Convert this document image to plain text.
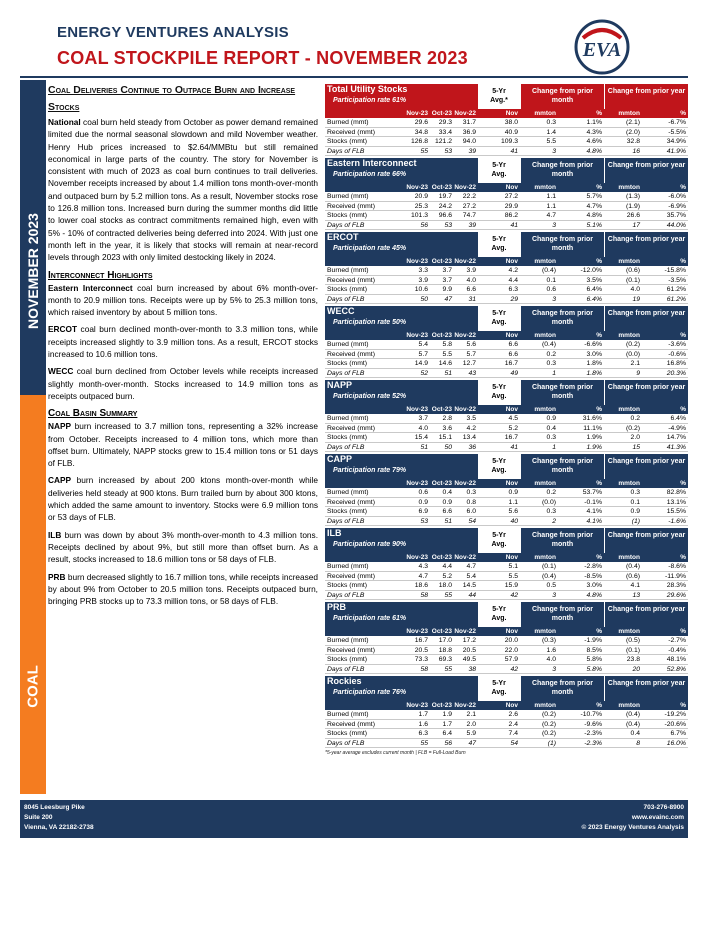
ENERGY VENTURES ANALYSIS
COAL STOCKPILE REPORT - NOVEMBER 2023	EVA
NOVEMBER 2023
COAL
Coal Deliveries Continue to Outpace Burn and Increase Stocks

National coal burn held steady from October as power demand remained limited due the normal seasonal slowdown and mild November weather. Henry Hub prices increased to $2.64/MMBtu but still remained economical in large parts of the country. The story for November is consistent with much of 2023 as coal burn continues to trail deliveries. November receipts increased by about 1.4 million tons month-over-month and outpaced burn by 5.2 million tons. As a result, November stocks rose to 126.8 million tons. Increased burn during the summer months did little to lower coal stocks as contract commitments remained high, even with 5% - 10% of contracted deliveries being deferred into 2024. With just one month left in the year, it is likely that stocks will remain at near-record levels through 2023 with only limited destocking likely in 2024.

Interconnect Highlights

Eastern Interconnect coal burn increased by about 6% month-over-month to 20.9 million tons. Receipts were up by 5% to 25.3 million tons, which raised inventory by about 5 million tons.

ERCOT coal burn declined month-over-month to 3.3 million tons, while receipts increased slightly to 3.9 million tons. As a result, ERCOT stocks increased to 10.6 million tons.

WECC coal burn declined from October levels while receipts increased slightly month-over-month. Stocks increased to 14.9 million tons as receipts outpaced burn.

Coal Basin Summary

NAPP burn increased to 3.7 million tons, representing a 32% increase from October. Receipts increased to 4 million tons, which more than offset burn. Ultimately, NAPP stocks grew to 15.4 million tons or 51 days of FLB.

CAPP burn increased by about 200 ktons month-over-month while deliveries held steady at 900 ktons. Burn trailed burn by about 300 ktons, which added the same amount to inventory. Stocks were 6.9 million tons or 53 days of FLB.

ILB burn was down by about 3% month-over-month to 4.3 million tons. Receipts declined by about 9%, but still more than offset burn. As a result, stocks increased to 18.6 million tons or 58 days of FLB.

PRB burn decreased slightly to 16.7 million tons, while receipts increased by about 9% from October to 20.5 million tons. Receipts outpaced burn, bringing PRB stocks up to 73.3 million tons, or 58 days of FLB.

Total Utility Stocks
Participation rate 61%
5-Yr
Avg.*
Change from prior month
Change from prior year
Nov-23 Oct-23 Nov-22	Nov	mmton	%	mmton	%
Burned (mmt)	29.6	29.3	31.7	38.0	0.3	1.1%	(2.1)	-6.7%
Received (mmt)	34.8	33.4	36.9	40.9	1.4	4.3%	(2.0)	-5.5%
Stocks (mmt)	126.8	121.2	94.0	109.3	5.5	4.6%	32.8	34.9%
Days of FLB	55	53	39	41	3	4.8%	16	41.9%
Eastern Interconnect
Participation rate 66%
5-Yr
Avg.
Change from prior month
Change from prior year
Nov-23 Oct-23 Nov-22	Nov	mmton	%	mmton	%
Burned (mmt)	20.9	19.7	22.2	27.2	1.1	5.7%	(1.3)	-6.0%
Received (mmt)	25.3	24.2	27.2	29.9	1.1	4.7%	(1.9)	-6.9%
Stocks (mmt)	101.3	96.6	74.7	86.2	4.7	4.8%	26.6	35.7%
Days of FLB	56	53	39	41	3	5.1%	17	44.0%
ERCOT
Participation rate 45%
5-Yr
Avg.
Change from prior month
Change from prior year
Nov-23 Oct-23 Nov-22	Nov	mmton	%	mmton	%
Burned (mmt)	3.3	3.7	3.9	4.2	(0.4)	-12.0%	(0.6)	-15.8%
Received (mmt)	3.9	3.7	4.0	4.4	0.1	3.5%	(0.1)	-3.5%
Stocks (mmt)	10.6	9.9	6.6	6.3	0.6	6.4%	4.0	61.2%
Days of FLB	50	47	31	29	3	6.4%	19	61.2%
WECC
Participation rate 50%
5-Yr
Avg.
Change from prior month
Change from prior year
Nov-23 Oct-23 Nov-22	Nov	mmton	%	mmton	%
Burned (mmt)	5.4	5.8	5.6	6.6	(0.4)	-6.6%	(0.2)	-3.6%
Received (mmt)	5.7	5.5	5.7	6.6	0.2	3.0%	(0.0)	-0.6%
Stocks (mmt)	14.9	14.6	12.7	16.7	0.3	1.8%	2.1	16.8%
Days of FLB	52	51	43	49	1	1.8%	9	20.3%
NAPP
Participation rate 52%
5-Yr
Avg.
Change from prior month
Change from prior year
Nov-23 Oct-23 Nov-22	Nov	mmton	%	mmton	%
Burned (mmt)	3.7	2.8	3.5	4.5	0.9	31.6%	0.2	6.4%
Received (mmt)	4.0	3.6	4.2	5.2	0.4	11.1%	(0.2)	-4.9%
Stocks (mmt)	15.4	15.1	13.4	16.7	0.3	1.9%	2.0	14.7%
Days of FLB	51	50	36	41	1	1.9%	15	41.3%
CAPP
Participation rate 79%
5-Yr
Avg.
Change from prior month
Change from prior year
Nov-23 Oct-23 Nov-22	Nov	mmton	%	mmton	%
Burned (mmt)	0.6	0.4	0.3	0.9	0.2	53.7%	0.3	82.8%
Received (mmt)	0.9	0.9	0.8	1.1	(0.0)	-0.1%	0.1	13.1%
Stocks (mmt)	6.9	6.6	6.0	5.6	0.3	4.1%	0.9	15.5%
Days of FLB	53	51	54	40	2	4.1%	(1)	-1.6%
ILB
Participation rate 90%
5-Yr
Avg.
Change from prior month
Change from prior year
Nov-23 Oct-23 Nov-22	Nov	mmton	%	mmton	%
Burned (mmt)	4.3	4.4	4.7	5.1	(0.1)	-2.8%	(0.4)	-8.6%
Received (mmt)	4.7	5.2	5.4	5.5	(0.4)	-8.5%	(0.6)	-11.9%
Stocks (mmt)	18.6	18.0	14.5	15.9	0.5	3.0%	4.1	28.3%
Days of FLB	58	55	44	42	3	4.8%	13	29.6%
PRB
Participation rate 61%
5-Yr
Avg.
Change from prior month
Change from prior year
Nov-23 Oct-23 Nov-22	Nov	mmton	%	mmton	%
Burned (mmt)	16.7	17.0	17.2	20.0	(0.3)	-1.9%	(0.5)	-2.7%
Received (mmt)	20.5	18.8	20.5	22.0	1.6	8.5%	(0.1)	-0.4%
Stocks (mmt)	73.3	69.3	49.5	57.9	4.0	5.8%	23.8	48.1%
Days of FLB	58	55	38	42	3	5.8%	20	52.8%
Rockies
Participation rate 76%
5-Yr
Avg.
Change from prior month
Change from prior year
Nov-23 Oct-23 Nov-22	Nov	mmton	%	mmton	%
Burned (mmt)	1.7	1.9	2.1	2.6	(0.2)	-10.7%	(0.4)	-19.2%
Received (mmt)	1.6	1.7	2.0	2.4	(0.2)	-9.6%	(0.4)	-20.6%
Stocks (mmt)	6.3	6.4	5.9	7.4	(0.2)	-2.3%	0.4	6.7%
Days of FLB	55	56	47	54	(1)	-2.3%	8	16.0%
*5-year average excludes current month | FLB = Full-Load Burn
8045 Leesburg Pike
Suite 200
Vienna, VA 22182-2738
703-276-8900
www.evainc.com
© 2023 Energy Ventures Analysis
